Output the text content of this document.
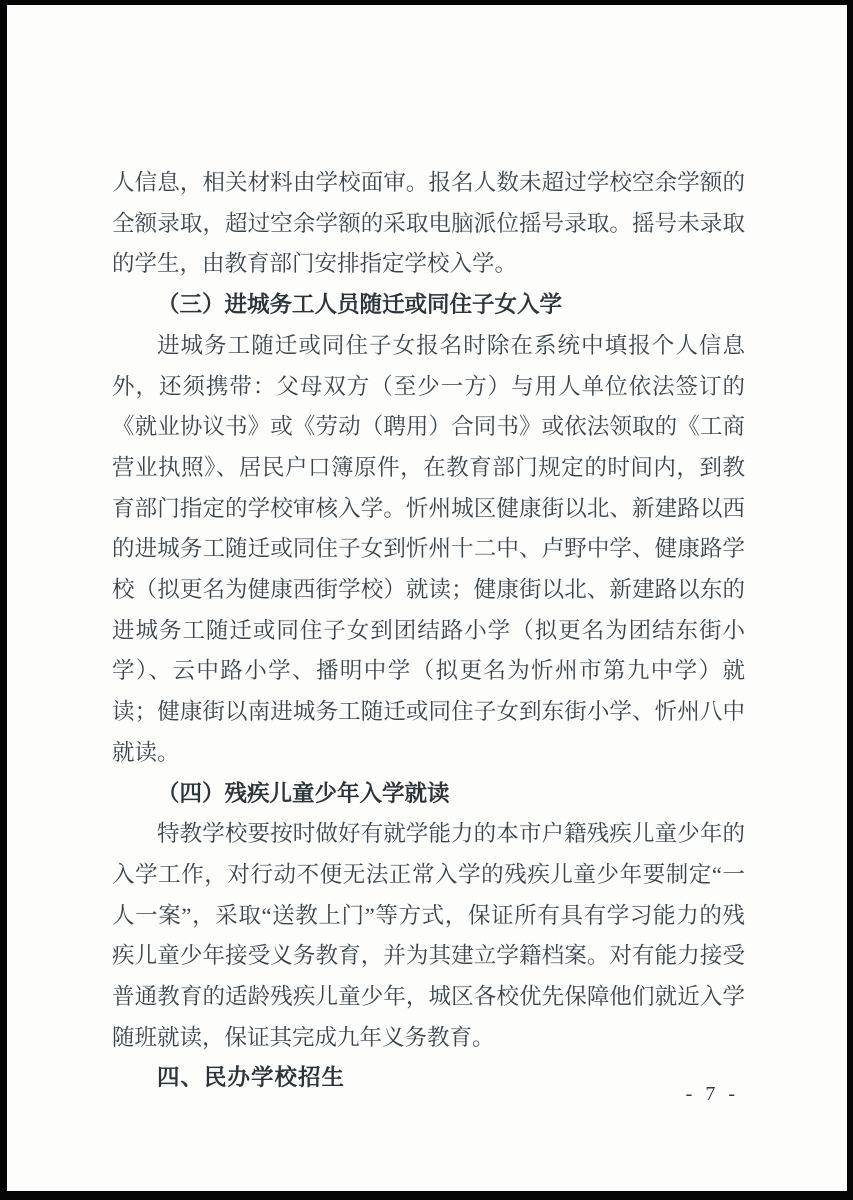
人信息，相关材料由学校面审。报名人数未超过学校空余学额的全额录取，超过空余学额的采取电脑派位摇号录取。摇号未录取的学生，由教育部门安排指定学校入学。

（三）进城务工人员随迁或同住子女入学

进城务工随迁或同住子女报名时除在系统中填报个人信息外，还须携带：父母双方（至少一方）与用人单位依法签订的《就业协议书》或《劳动（聘用）合同书》或依法领取的《工商营业执照》、居民户口簿原件，在教育部门规定的时间内，到教育部门指定的学校审核入学。忻州城区健康街以北、新建路以西的进城务工随迁或同住子女到忻州十二中、卢野中学、健康路学校（拟更名为健康西街学校）就读；健康街以北、新建路以东的进城务工随迁或同住子女到团结路小学（拟更名为团结东街小学）、云中路小学、播明中学（拟更名为忻州市第九中学）就读；健康街以南进城务工随迁或同住子女到东街小学、忻州八中就读。

（四）残疾儿童少年入学就读

特教学校要按时做好有就学能力的本市户籍残疾儿童少年的入学工作，对行动不便无法正常入学的残疾儿童少年要制定“一人一案”，采取“送教上门”等方式，保证所有具有学习能力的残疾儿童少年接受义务教育，并为其建立学籍档案。对有能力接受普通教育的适龄残疾儿童少年，城区各校优先保障他们就近入学随班就读，保证其完成九年义务教育。

四、民办学校招生

- 7 -
